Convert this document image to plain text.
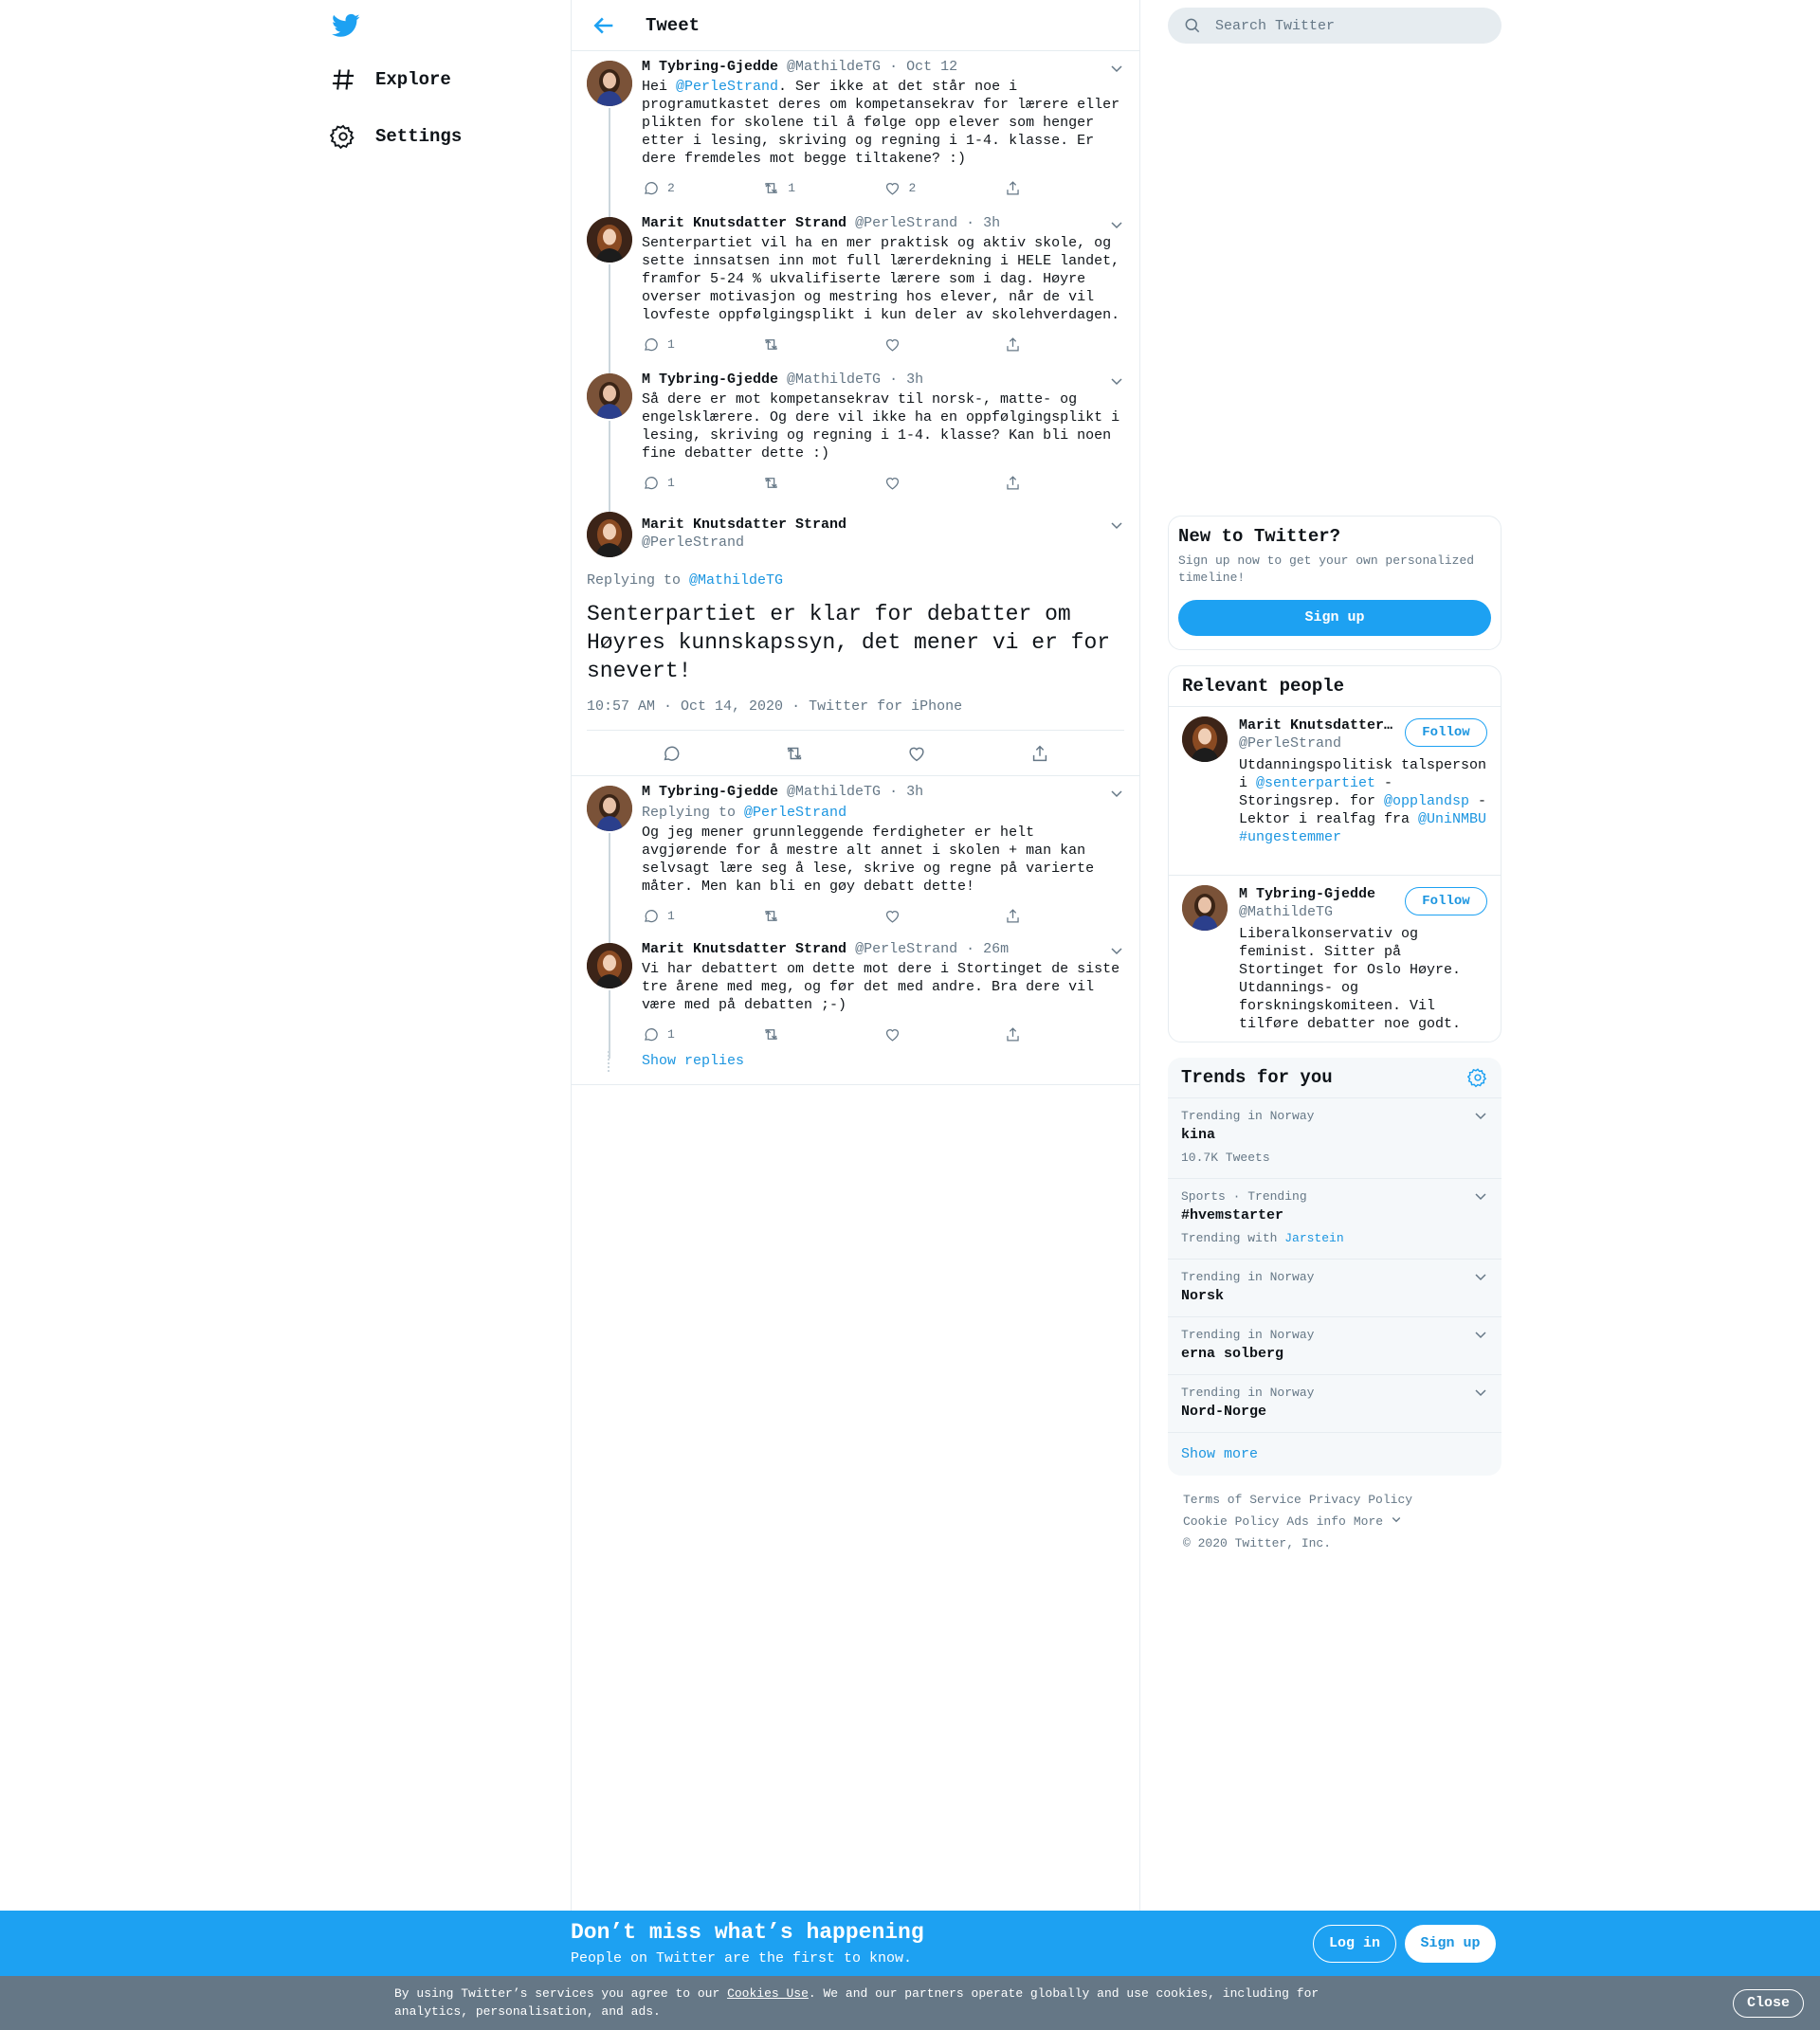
Explore
Settings
Tweet
M Tybring-Gjedde @MathildeTG · Oct 12
Hei @PerleStrand. Ser ikke at det står noe i programutkastet deres om kompetansekrav for lærere eller plikten for skolene til å følge opp elever som henger etter i lesing, skriving og regning i 1-4. klasse. Er dere fremdeles mot begge tiltakene? :)
2	1	2
Marit Knutsdatter Strand @PerleStrand · 3h
Senterpartiet vil ha en mer praktisk og aktiv skole, og sette innsatsen inn mot full lærerdekning i HELE landet, framfor 5-24 % ukvalifiserte lærere som i dag. Høyre overser motivasjon og mestring hos elever, når de vil lovfeste oppfølgingsplikt i kun deler av skolehverdagen.
1
M Tybring-Gjedde @MathildeTG · 3h
Så dere er mot kompetansekrav til norsk-, matte- og engelsklærere. Og dere vil ikke ha en oppfølgingsplikt i lesing, skriving og regning i 1-4. klasse? Kan bli noen fine debatter dette :)
1
Marit Knutsdatter Strand
@PerleStrand
Replying to @MathildeTG
Senterpartiet er klar for debatter om Høyres kunnskapssyn, det mener vi er for snevert!
10:57 AM · Oct 14, 2020 · Twitter for iPhone
M Tybring-Gjedde @MathildeTG · 3h
Replying to @PerleStrand
Og jeg mener grunnleggende ferdigheter er helt avgjørende for å mestre alt annet i skolen + man kan selvsagt lære seg å lese, skrive og regne på varierte måter. Men kan bli en gøy debatt dette!
1
Marit Knutsdatter Strand @PerleStrand · 26m
Vi har debattert om dette mot dere i Stortinget de siste tre årene med meg, og før det med andre. Bra dere vil være med på debatten ;-)
1
Show replies
Search Twitter
New to Twitter?
Sign up now to get your own personalized timeline!
Sign up
Relevant people
Marit Knutsdatter…
@PerleStrand
Follow
Utdanningspolitisk talsperson i @senterpartiet - Storingsrep. for @opplandsp - Lektor i realfag fra @UniNMBU #ungestemmer
M Tybring-Gjedde
@MathildeTG
Follow
Liberalkonservativ og feminist. Sitter på Stortinget for Oslo Høyre. Utdannings- og forskningskomiteen. Vil tilføre debatter noe godt.
Trends for you
Trending in Norway
kina
10.7K Tweets
Sports · Trending
#hvemstarter
Trending with Jarstein
Trending in Norway
Norsk
Trending in Norway
erna solberg
Trending in Norway
Nord-Norge
Show more
Terms of Service Privacy Policy
Cookie Policy Ads info More
© 2020 Twitter, Inc.
Don’t miss what’s happening
People on Twitter are the first to know.
Log in	Sign up
By using Twitter’s services you agree to our Cookies Use. We and our partners operate globally and use cookies, including for analytics, personalisation, and ads.
Close
